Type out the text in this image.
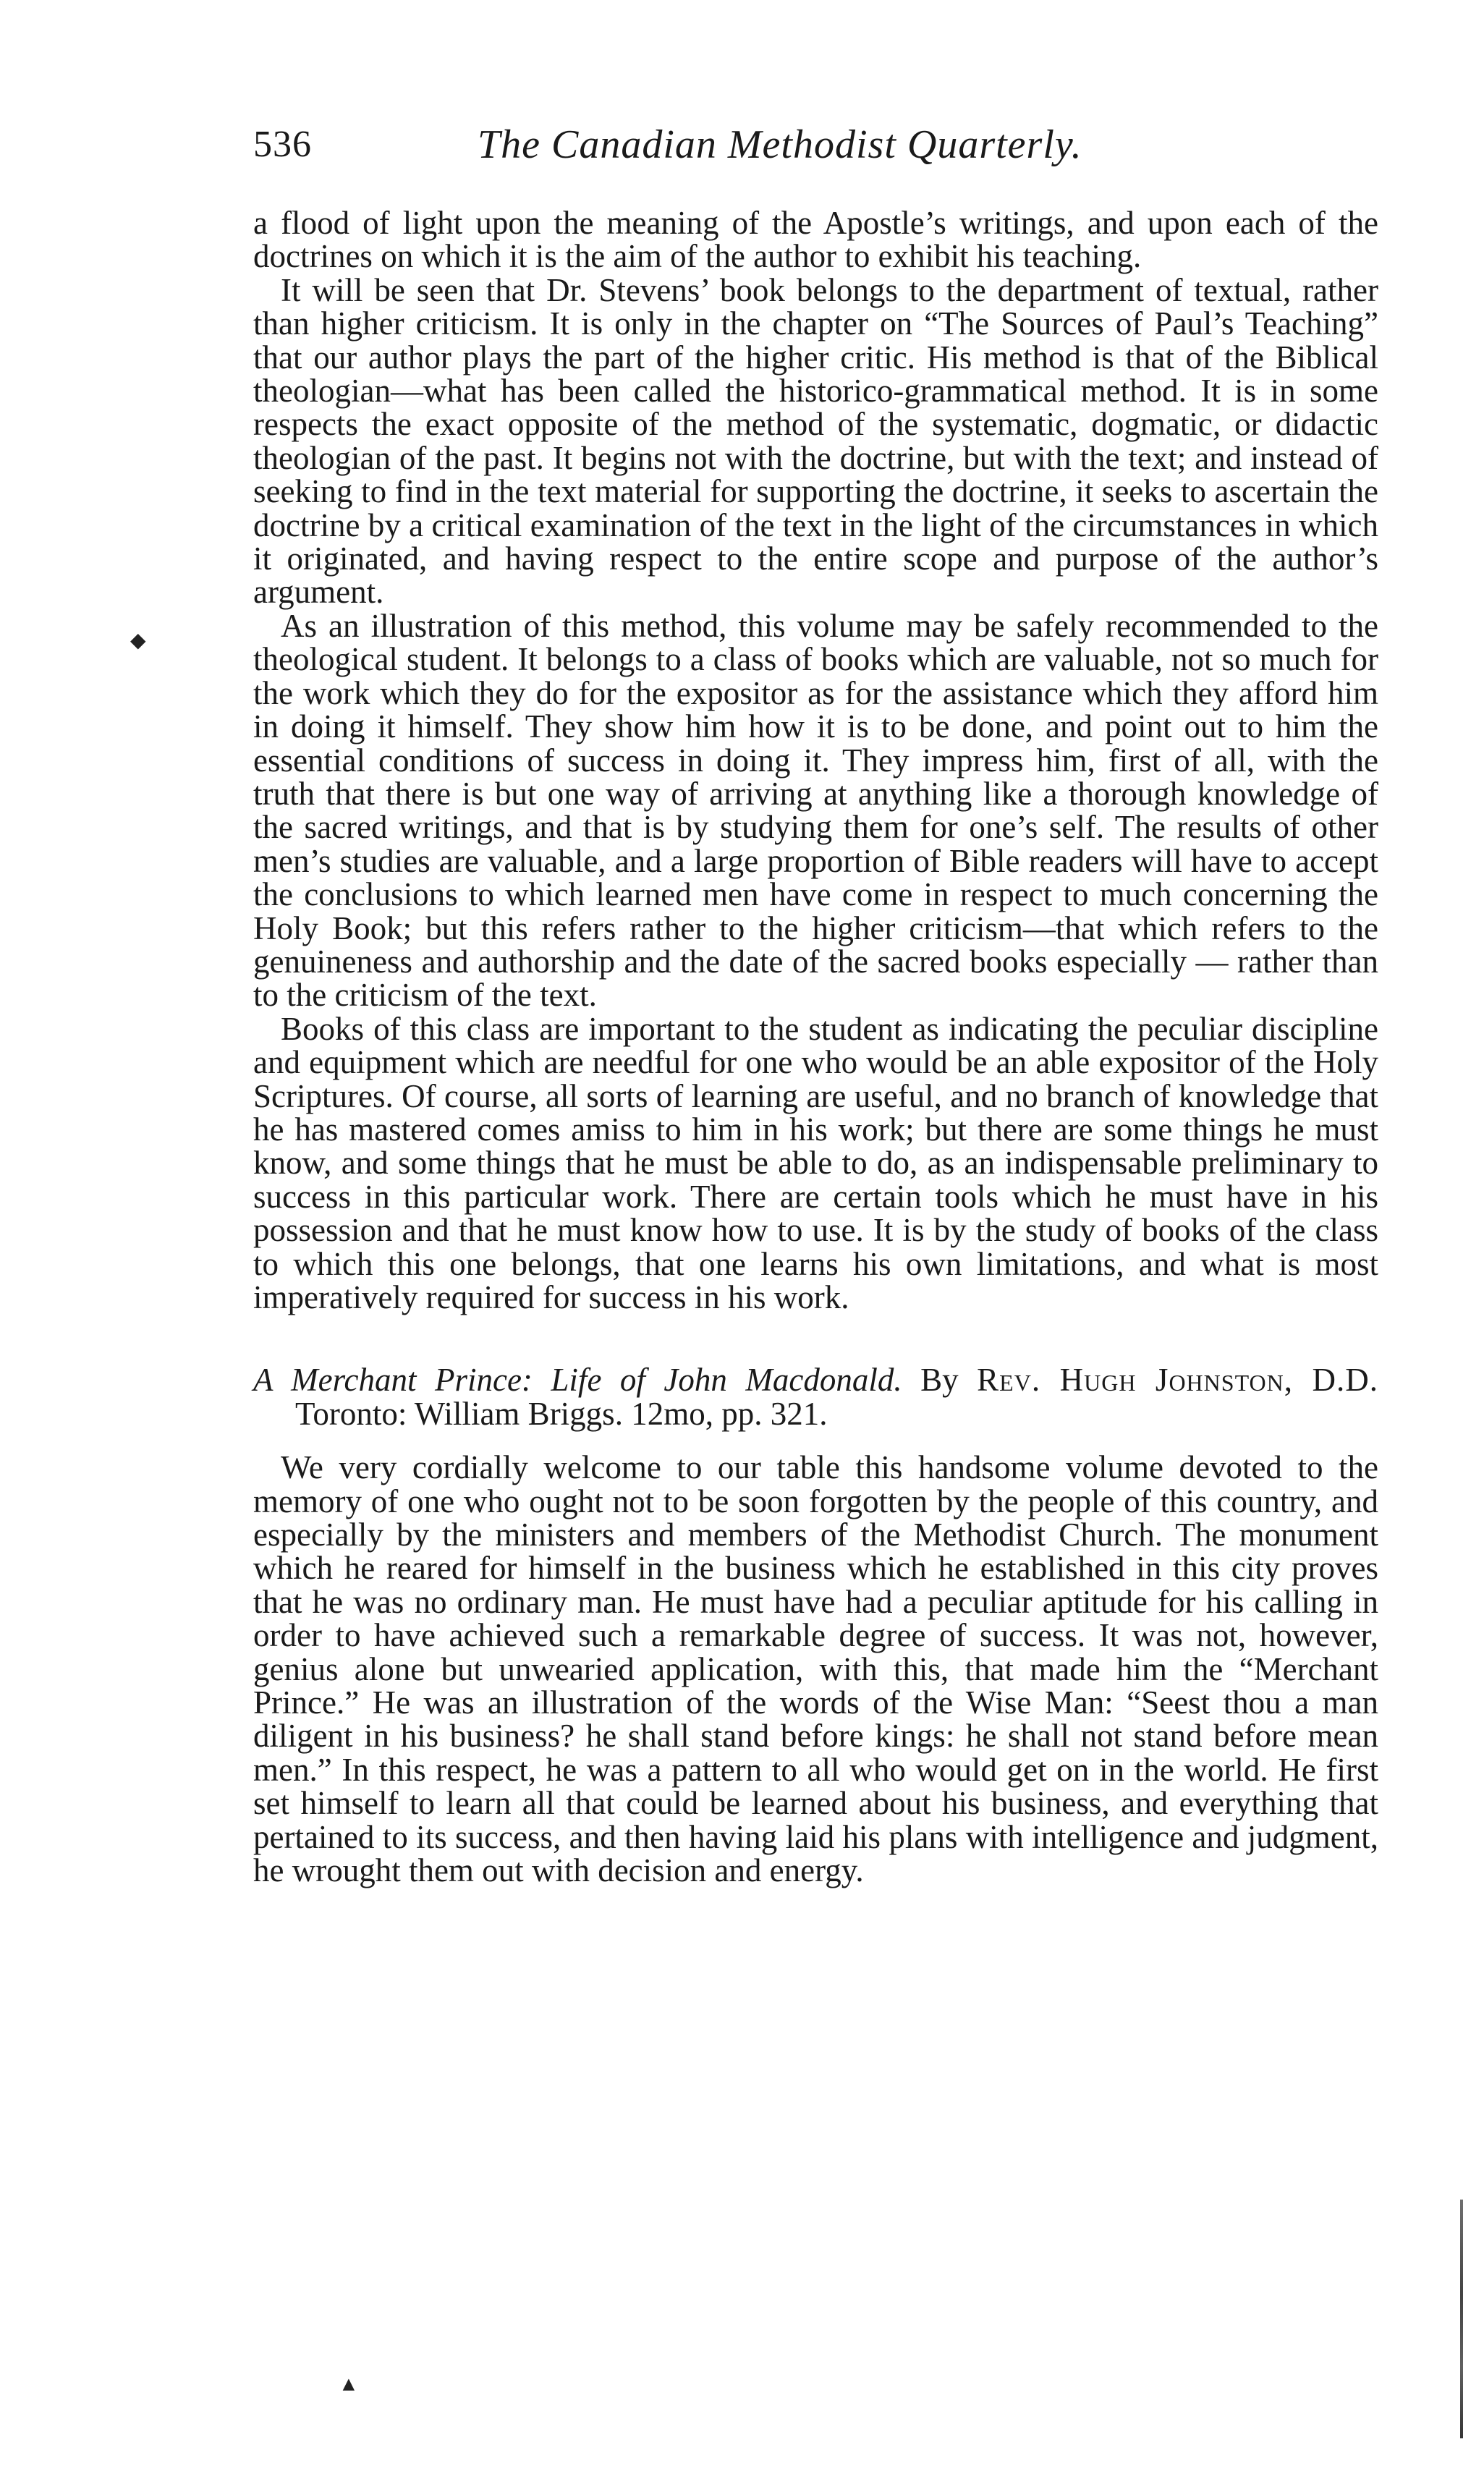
536	The Canadian Methodist Quarterly.

a flood of light upon the meaning of the Apostle’s writings, and upon each of the doctrines on which it is the aim of the author to exhibit his teaching.

It will be seen that Dr. Stevens’ book belongs to the department of textual, rather than higher criticism. It is only in the chapter on “The Sources of Paul’s Teaching” that our author plays the part of the higher critic. His method is that of the Biblical theologian—what has been called the historico-grammatical method. It is in some respects the exact opposite of the method of the systematic, dogmatic, or didactic theologian of the past. It begins not with the doctrine, but with the text; and instead of seeking to find in the text material for supporting the doctrine, it seeks to ascertain the doctrine by a critical examination of the text in the light of the circumstances in which it originated, and having respect to the entire scope and purpose of the author’s argument.

As an illustration of this method, this volume may be safely recommended to the theological student. It belongs to a class of books which are valuable, not so much for the work which they do for the expositor as for the assistance which they afford him in doing it himself. They show him how it is to be done, and point out to him the essential conditions of success in doing it. They impress him, first of all, with the truth that there is but one way of arriving at anything like a thorough knowledge of the sacred writings, and that is by studying them for one’s self. The results of other men’s studies are valuable, and a large proportion of Bible readers will have to accept the conclusions to which learned men have come in respect to much concerning the Holy Book; but this refers rather to the higher criticism—that which refers to the genuineness and authorship and the date of the sacred books especially — rather than to the criticism of the text.

Books of this class are important to the student as indicating the peculiar discipline and equipment which are needful for one who would be an able expositor of the Holy Scriptures. Of course, all sorts of learning are useful, and no branch of knowledge that he has mastered comes amiss to him in his work; but there are some things he must know, and some things that he must be able to do, as an indispensable preliminary to success in this particular work. There are certain tools which he must have in his possession and that he must know how to use. It is by the study of books of the class to which this one belongs, that one learns his own limitations, and what is most imperatively required for success in his work.

A Merchant Prince: Life of John Macdonald. By Rev. Hugh Johnston, D.D. Toronto: William Briggs. 12mo, pp. 321.

We very cordially welcome to our table this handsome volume devoted to the memory of one who ought not to be soon forgotten by the people of this country, and especially by the ministers and members of the Methodist Church. The monument which he reared for himself in the business which he established in this city proves that he was no ordinary man. He must have had a peculiar aptitude for his calling in order to have achieved such a remarkable degree of success. It was not, however, genius alone but unwearied application, with this, that made him the “Merchant Prince.” He was an illustration of the words of the Wise Man: “Seest thou a man diligent in his business? he shall stand before kings: he shall not stand before mean men.” In this respect, he was a pattern to all who would get on in the world. He first set himself to learn all that could be learned about his business, and everything that pertained to its success, and then having laid his plans with intelligence and judgment, he wrought them out with decision and energy.

◆
▲
